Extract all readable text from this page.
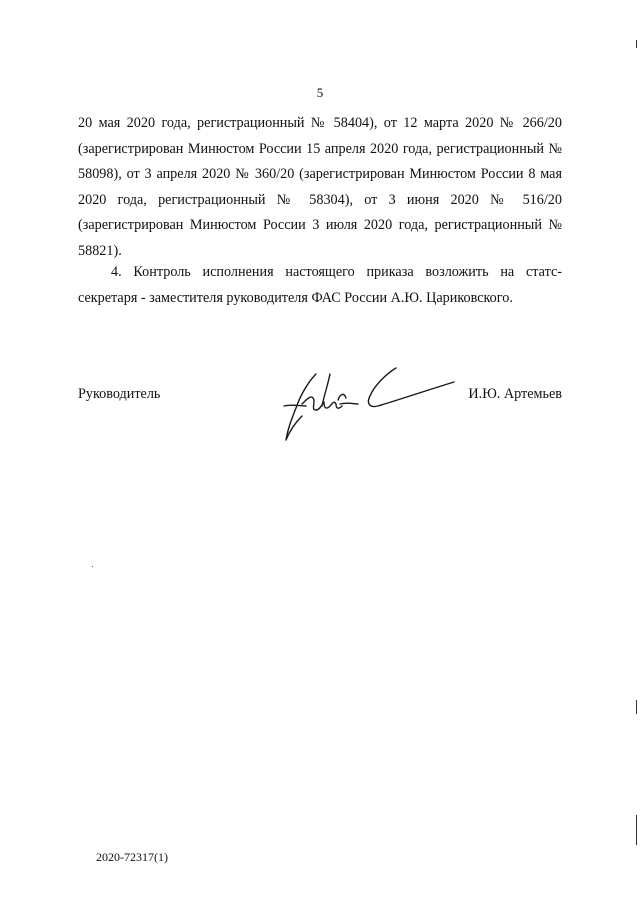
5

20 мая 2020 года, регистрационный № 58404), от 12 марта 2020 № 266/20 (зарегистрирован Минюстом России 15 апреля 2020 года, регистрационный № 58098), от 3 апреля 2020 № 360/20 (зарегистрирован Минюстом России 8 мая 2020 года, регистрационный № 58304), от 3 июня 2020 № 516/20 (зарегистрирован Минюстом России 3 июля 2020 года, регистрационный № 58821).

4. Контроль исполнения настоящего приказа возложить на статс-секретаря - заместителя руководителя ФАС России А.Ю. Цариковского.

Руководитель	И.Ю. Артемьев
2020-72317(1)
